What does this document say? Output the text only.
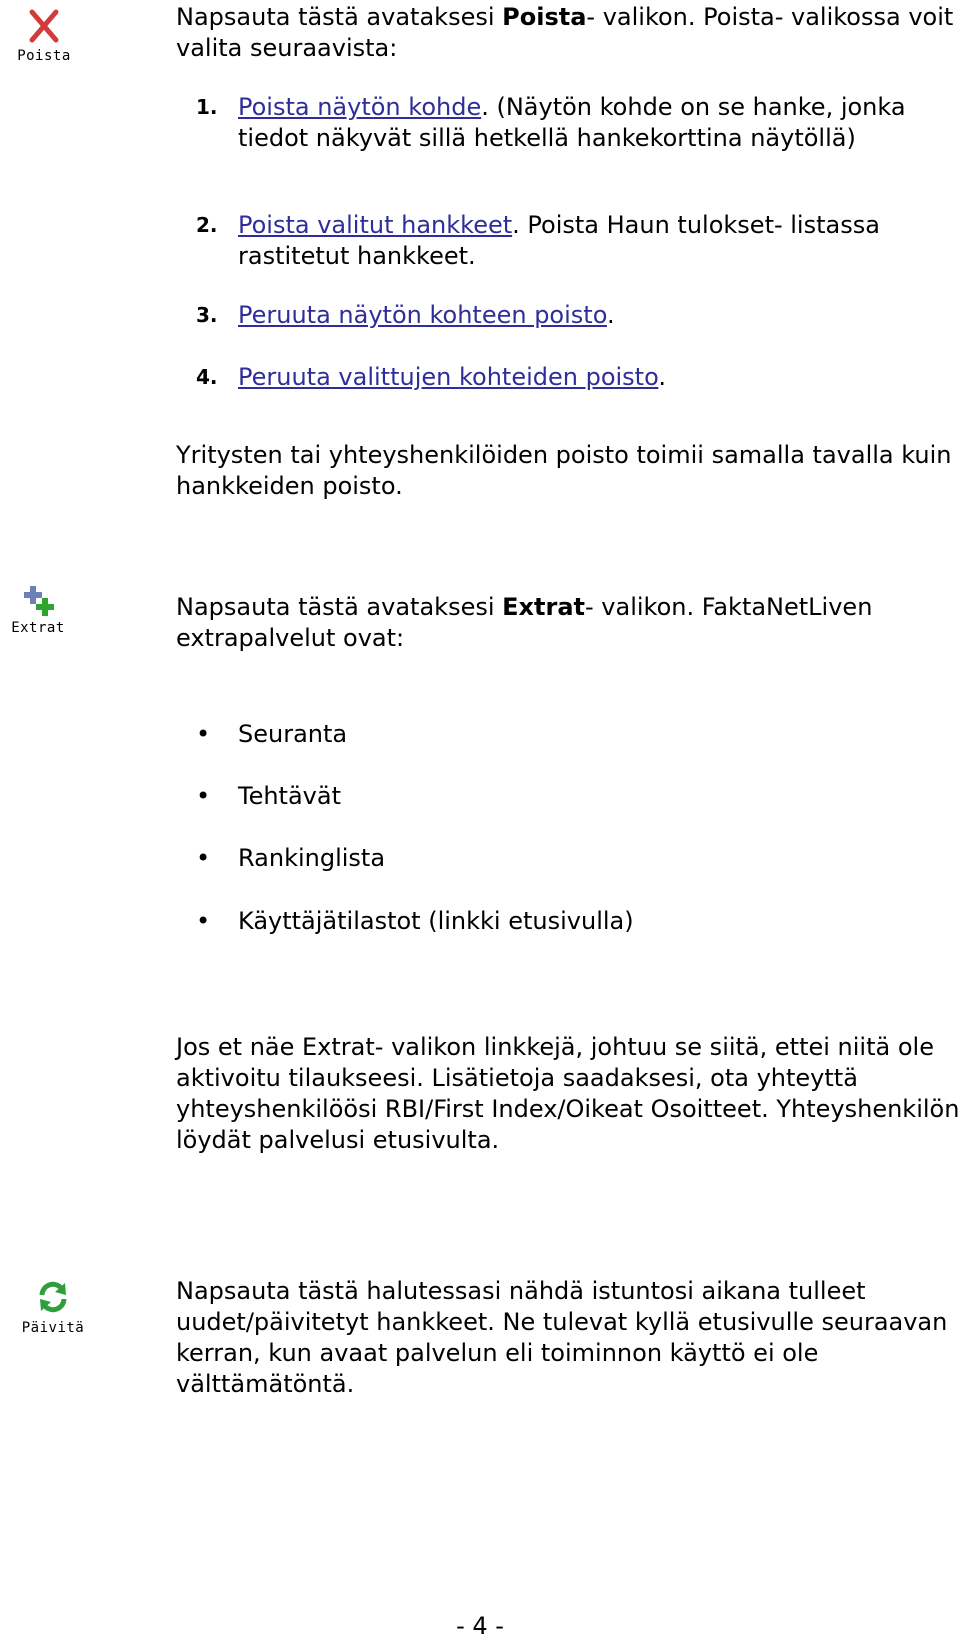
Poista

Napsauta tästä avataksesi Poista- valikon. Poista- valikossa voit valita seuraavista:

1. Poista näytön kohde. (Näytön kohde on se hanke, jonka tiedot näkyvät sillä hetkellä hankekorttina näytöllä)
2. Poista valitut hankkeet. Poista Haun tulokset- listassa rastitetut hankkeet.
3. Peruuta näytön kohteen poisto.
4. Peruuta valittujen kohteiden poisto.

Yritysten tai yhteyshenkilöiden poisto toimii samalla tavalla kuin hankkeiden poisto.

Extrat

Napsauta tästä avataksesi Extrat- valikon. FaktaNetLiven extrapalvelut ovat:

• Seuranta
• Tehtävät
• Rankinglista
• Käyttäjätilastot (linkki etusivulla)

Jos et näe Extrat- valikon linkkejä, johtuu se siitä, ettei niitä ole aktivoitu tilaukseesi. Lisätietoja saadaksesi, ota yhteyttä yhteyshenkilöösi RBI/First Index/Oikeat Osoitteet. Yhteyshenkilön löydät palvelusi etusivulta.

Päivitä

Napsauta tästä halutessasi nähdä istuntosi aikana tulleet uudet/päivitetyt hankkeet. Ne tulevat kyllä etusivulle seuraavan kerran, kun avaat palvelun eli toiminnon käyttö ei ole välttämätöntä.

- 4 -
